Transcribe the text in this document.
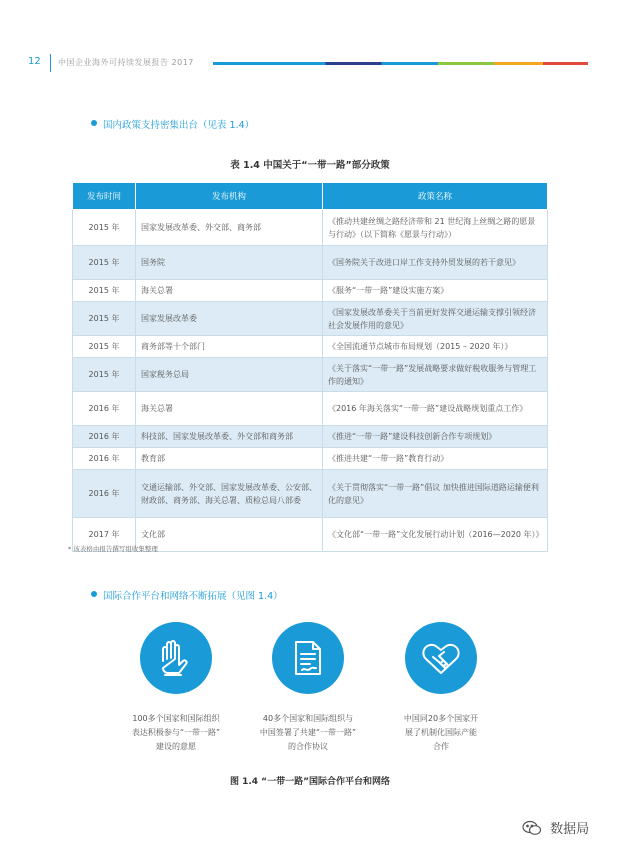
12 中国企业海外可持续发展报告 2017
国内政策支持密集出台（见表 1.4）
表 1.4 中国关于“一带一路”部分政策
发布时间	发布机构	政策名称
2015 年	国家发展改革委、外交部、商务部	《推动共建丝绸之路经济带和 21 世纪海上丝绸之路的愿景与行动》（以下简称《愿景与行动》）
2015 年	国务院	《国务院关于改进口岸工作支持外贸发展的若干意见》
2015 年	海关总署	《服务“一带一路”建设实施方案》
2015 年	国家发展改革委	《国家发展改革委关于当前更好发挥交通运输支撑引领经济社会发展作用的意见》
2015 年	商务部等十个部门	《全国流通节点城市布局规划（2015 – 2020 年）》
2015 年	国家税务总局	《关于落实“一带一路”发展战略要求做好税收服务与管理工作的通知》
2016 年	海关总署	《2016 年海关落实“一带一路”建设战略规划重点工作》
2016 年	科技部、国家发展改革委、外交部和商务部	《推进“一带一路”建设科技创新合作专项规划》
2016 年	教育部	《推进共建“一带一路”教育行动》
2016 年	交通运输部、外交部、国家发展改革委、公安部、财政部、商务部、海关总署、质检总局八部委	《关于贯彻落实“一带一路”倡议 加快推进国际道路运输便利化的意见》
2017 年	文化部	《文化部“一带一路”文化发展行动计划（2016—2020 年）》
* 该表格由报告撰写组收集整理
国际合作平台和网络不断拓展（见图 1.4）
100多个国家和国际组织
表达积极参与“一带一路”
建设的意愿
40多个国家和国际组织与
中国签署了共建“一带一路”
的合作协议
中国同20多个国家开
展了机制化国际产能
合作
图 1.4 “一带一路”国际合作平台和网络
数据局
